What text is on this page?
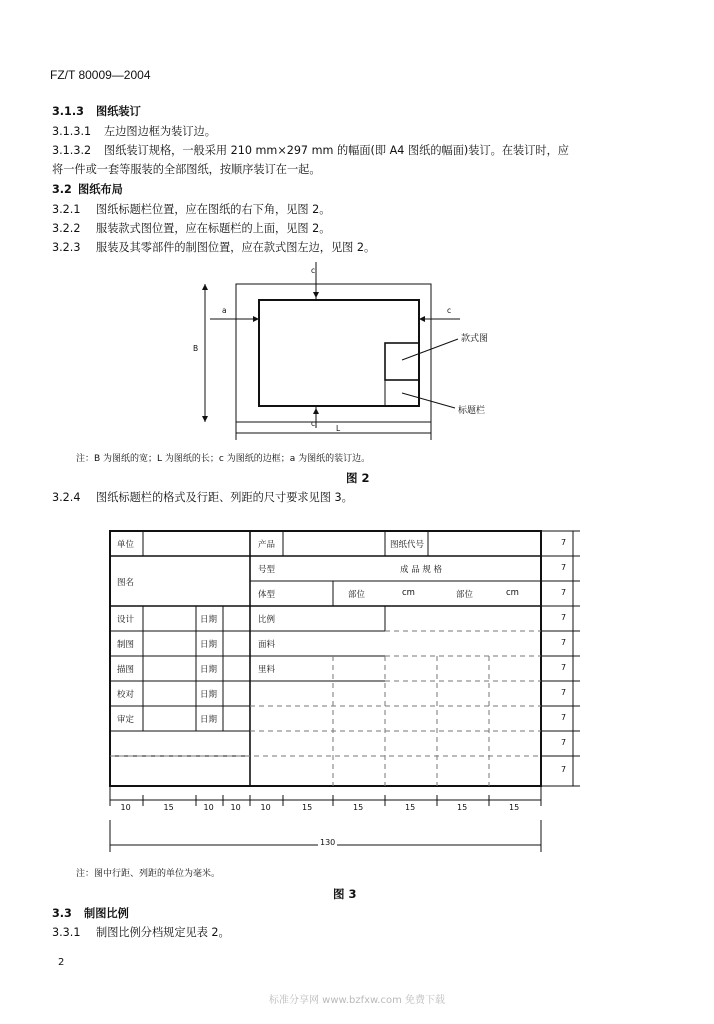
FZ/T 80009—2004
3.1.3 图纸装订
3.1.3.1 左边图边框为装订边。
3.1.3.2 图纸装订规格，一般采用 210 mm×297 mm 的幅面(即 A4 图纸的幅面)装订。在装订时，应
将一件或一套等服装的全部图纸，按顺序装订在一起。
3.2 图纸布局
3.2.1 图纸标题栏位置，应在图纸的右下角，见图 2。
3.2.2 服装款式图位置，应在标题栏的上面，见图 2。
3.2.3 服装及其零部件的制图位置，应在款式图左边，见图 2。
c
a	c
B
c
L
款式图
标题栏
注：B 为图纸的宽；L 为图纸的长；c 为图纸的边框；a 为图纸的装订边。
图 2
3.2.4 图纸标题栏的格式及行距、列距的尺寸要求见图 3。
单位	产品	图纸代号
图名
号型	成 品 规 格
体型	部位	cm	部位	cm
设计	日期	比例
制图	日期	面料
描图	日期	里料
校对	日期
审定	日期
7
7
7
7
7
7
7
7
7
7
10	15	10 10 10	15	15	15	15	15
130
注：图中行距、列距的单位为毫米。
图 3
3.3 制图比例
3.3.1 制图比例分档规定见表 2。
2
标准分享网 www.bzfxw.com 免费下载
